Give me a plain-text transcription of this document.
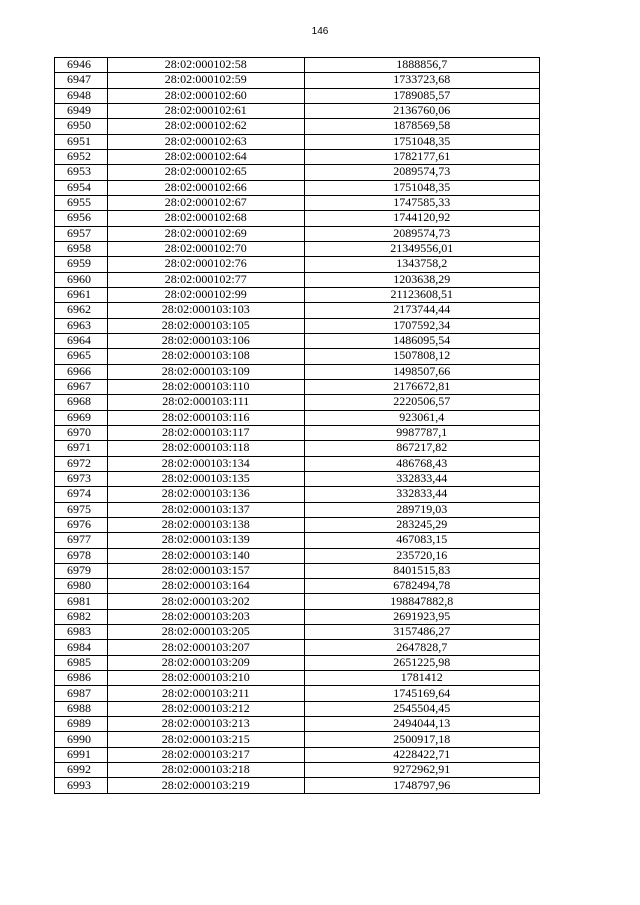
146
6946	28:02:000102:58	1888856,7
6947	28:02:000102:59	1733723,68
6948	28:02:000102:60	1789085,57
6949	28:02:000102:61	2136760,06
6950	28:02:000102:62	1878569,58
6951	28:02:000102:63	1751048,35
6952	28:02:000102:64	1782177,61
6953	28:02:000102:65	2089574,73
6954	28:02:000102:66	1751048,35
6955	28:02:000102:67	1747585,33
6956	28:02:000102:68	1744120,92
6957	28:02:000102:69	2089574,73
6958	28:02:000102:70	21349556,01
6959	28:02:000102:76	1343758,2
6960	28:02:000102:77	1203638,29
6961	28:02:000102:99	21123608,51
6962	28:02:000103:103	2173744,44
6963	28:02:000103:105	1707592,34
6964	28:02:000103:106	1486095,54
6965	28:02:000103:108	1507808,12
6966	28:02:000103:109	1498507,66
6967	28:02:000103:110	2176672,81
6968	28:02:000103:111	2220506,57
6969	28:02:000103:116	923061,4
6970	28:02:000103:117	9987787,1
6971	28:02:000103:118	867217,82
6972	28:02:000103:134	486768,43
6973	28:02:000103:135	332833,44
6974	28:02:000103:136	332833,44
6975	28:02:000103:137	289719,03
6976	28:02:000103:138	283245,29
6977	28:02:000103:139	467083,15
6978	28:02:000103:140	235720,16
6979	28:02:000103:157	8401515,83
6980	28:02:000103:164	6782494,78
6981	28:02:000103:202	198847882,8
6982	28:02:000103:203	2691923,95
6983	28:02:000103:205	3157486,27
6984	28:02:000103:207	2647828,7
6985	28:02:000103:209	2651225,98
6986	28:02:000103:210	1781412
6987	28:02:000103:211	1745169,64
6988	28:02:000103:212	2545504,45
6989	28:02:000103:213	2494044,13
6990	28:02:000103:215	2500917,18
6991	28:02:000103:217	4228422,71
6992	28:02:000103:218	9272962,91
6993	28:02:000103:219	1748797,96
